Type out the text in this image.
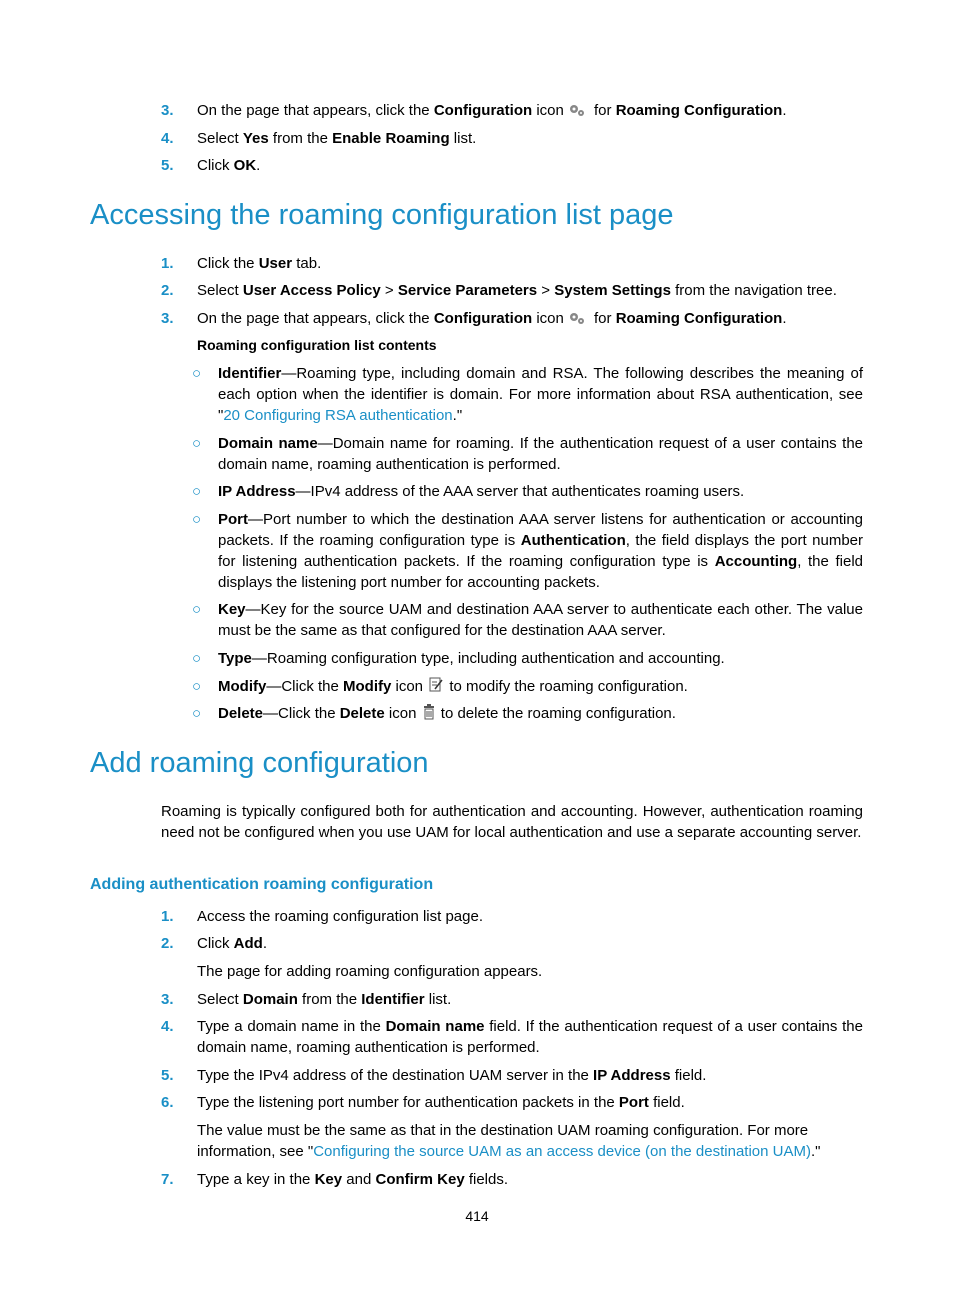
3. On the page that appears, click the Configuration icon for Roaming Configuration.
4. Select Yes from the Enable Roaming list.
5. Click OK.
Accessing the roaming configuration list page
1. Click the User tab.
2. Select User Access Policy > Service Parameters > System Settings from the navigation tree.
3. On the page that appears, click the Configuration icon for Roaming Configuration.
Roaming configuration list contents
○ Identifier—Roaming type, including domain and RSA. The following describes the meaning of each option when the identifier is domain. For more information about RSA authentication, see "20 Configuring RSA authentication."
○ Domain name—Domain name for roaming. If the authentication request of a user contains the domain name, roaming authentication is performed.
○ IP Address—IPv4 address of the AAA server that authenticates roaming users.
○ Port—Port number to which the destination AAA server listens for authentication or accounting packets. If the roaming configuration type is Authentication, the field displays the port number for listening authentication packets. If the roaming configuration type is Accounting, the field displays the listening port number for accounting packets.
○ Key—Key for the source UAM and destination AAA server to authenticate each other. The value must be the same as that configured for the destination AAA server.
○ Type—Roaming configuration type, including authentication and accounting.
○ Modify—Click the Modify icon  to modify the roaming configuration.
○ Delete—Click the Delete icon  to delete the roaming configuration.
Add roaming configuration
Roaming is typically configured both for authentication and accounting. However, authentication roaming need not be configured when you use UAM for local authentication and use a separate accounting server.
Adding authentication roaming configuration
1. Access the roaming configuration list page.
2. Click Add.
The page for adding roaming configuration appears.
3. Select Domain from the Identifier list.
4. Type a domain name in the Domain name field. If the authentication request of a user contains the domain name, roaming authentication is performed.
5. Type the IPv4 address of the destination UAM server in the IP Address field.
6. Type the listening port number for authentication packets in the Port field.
The value must be the same as that in the destination UAM roaming configuration. For more information, see "Configuring the source UAM as an access device (on the destination UAM)."
7. Type a key in the Key and Confirm Key fields.
414
